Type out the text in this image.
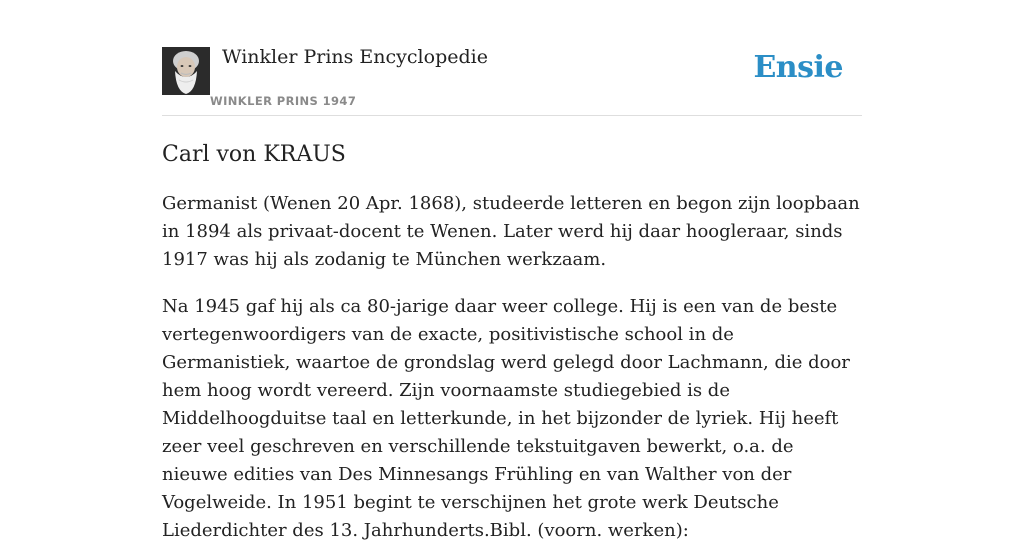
Winkler Prins Encyclopedie
WINKLER PRINS 1947
Ensie
Carl von KRAUS

Germanist (Wenen 20 Apr. 1868), studeerde letteren en begon zijn loopbaan in 1894 als privaat-docent te Wenen. Later werd hij daar hoogleraar, sinds 1917 was hij als zodanig te München werkzaam.

Na 1945 gaf hij als ca 80-jarige daar weer college. Hij is een van de beste vertegenwoordigers van de exacte, positivistische school in de Germanistiek, waartoe de grondslag werd gelegd door Lachmann, die door hem hoog wordt vereerd. Zijn voornaamste studiegebied is de Middelhoogduitse taal en letterkunde, in het bijzonder de lyriek. Hij heeft zeer veel geschreven en verschillende tekstuitgaven bewerkt, o.a. de nieuwe edities van Des Minnesangs Frühling en van Walther von der Vogelweide. In 1951 begint te verschijnen het grote werk Deutsche Liederdichter des 13. Jahrhunderts.Bibl. (voorn. werken):
